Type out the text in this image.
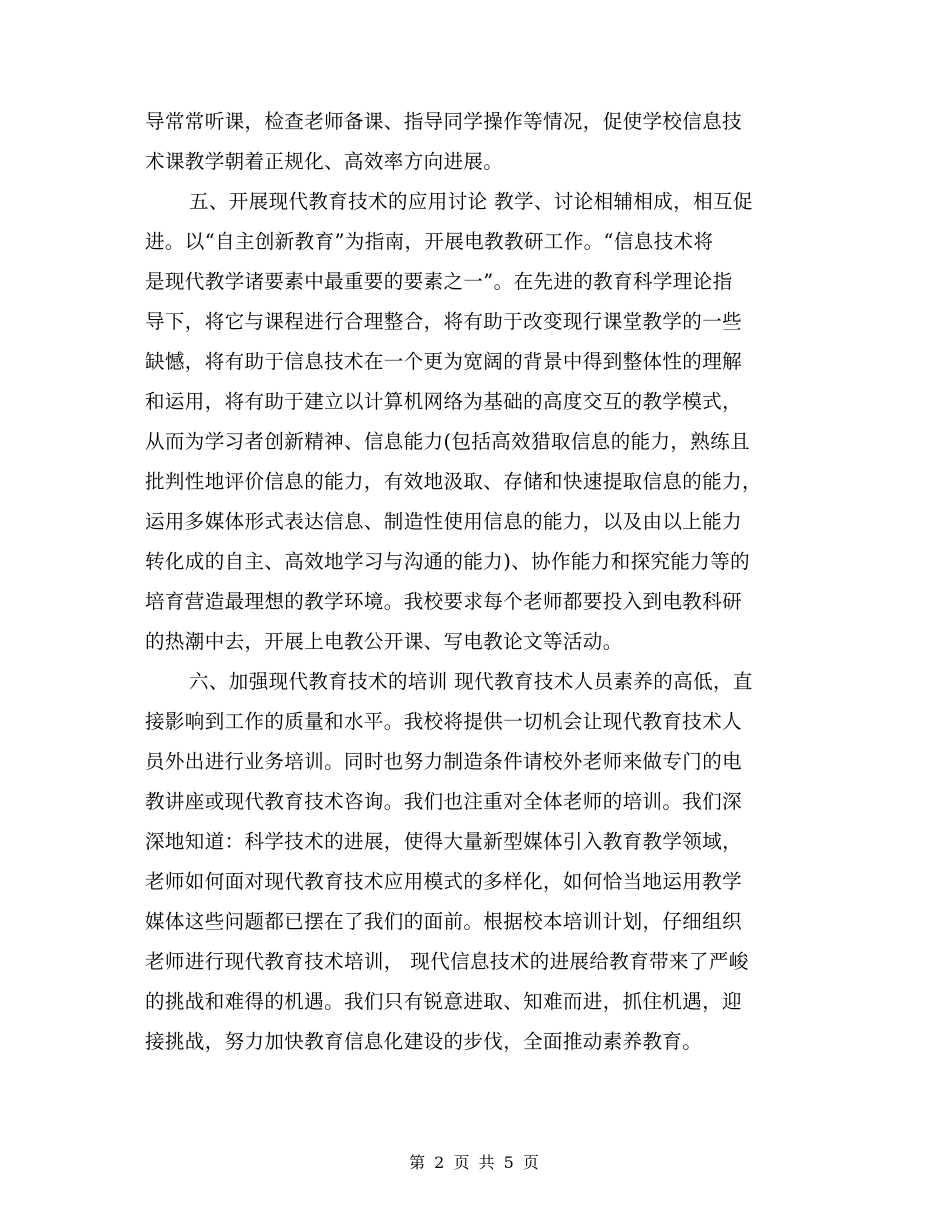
导常常听课，检查老师备课、指导同学操作等情况，促使学校信息技
术课教学朝着正规化、高效率方向进展。
五、开展现代教育技术的应用讨论 教学、讨论相辅相成，相互促
进。以“自主创新教育”为指南，开展电教教研工作。“信息技术将
是现代教学诸要素中最重要的要素之一”。在先进的教育科学理论指
导下，将它与课程进行合理整合，将有助于改变现行课堂教学的一些
缺憾，将有助于信息技术在一个更为宽阔的背景中得到整体性的理解
和运用，将有助于建立以计算机网络为基础的高度交互的教学模式，
从而为学习者创新精神、信息能力(包括高效猎取信息的能力，熟练且
批判性地评价信息的能力，有效地汲取、存储和快速提取信息的能力，
运用多媒体形式表达信息、制造性使用信息的能力，以及由以上能力
转化成的自主、高效地学习与沟通的能力)、协作能力和探究能力等的
培育营造最理想的教学环境。我校要求每个老师都要投入到电教科研
的热潮中去，开展上电教公开课、写电教论文等活动。
六、加强现代教育技术的培训 现代教育技术人员素养的高低，直
接影响到工作的质量和水平。我校将提供一切机会让现代教育技术人
员外出进行业务培训。同时也努力制造条件请校外老师来做专门的电
教讲座或现代教育技术咨询。我们也注重对全体老师的培训。我们深
深地知道：科学技术的进展，使得大量新型媒体引入教育教学领域，
老师如何面对现代教育技术应用模式的多样化，如何恰当地运用教学
媒体这些问题都已摆在了我们的面前。根据校本培训计划，仔细组织
老师进行现代教育技术培训， 现代信息技术的进展给教育带来了严峻
的挑战和难得的机遇。我们只有锐意进取、知难而进，抓住机遇，迎
接挑战，努力加快教育信息化建设的步伐，全面推动素养教育。
第 2 页 共 5 页
